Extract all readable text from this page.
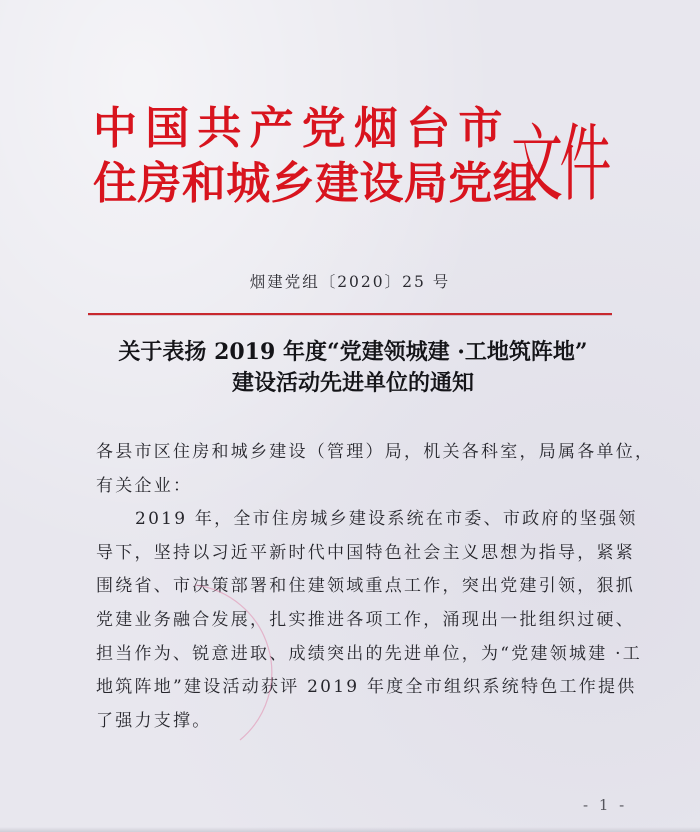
中国共产党烟台市
住房和城乡建设局党组
文件
烟建党组〔2020〕25 号
关于表扬 2019 年度“党建领城建 ·工地筑阵地”
建设活动先进单位的通知
各县市区住房和城乡建设（管理）局，机关各科室，局属各单位，
有关企业：
2019 年，全市住房城乡建设系统在市委、市政府的坚强领
导下，坚持以习近平新时代中国特色社会主义思想为指导，紧紧
围绕省、市决策部署和住建领域重点工作，突出党建引领，狠抓
党建业务融合发展，扎实推进各项工作，涌现出一批组织过硬、
担当作为、锐意进取、成绩突出的先进单位，为“党建领城建 ·工
地筑阵地”建设活动获评 2019 年度全市组织系统特色工作提供
了强力支撑。
- 1 -
